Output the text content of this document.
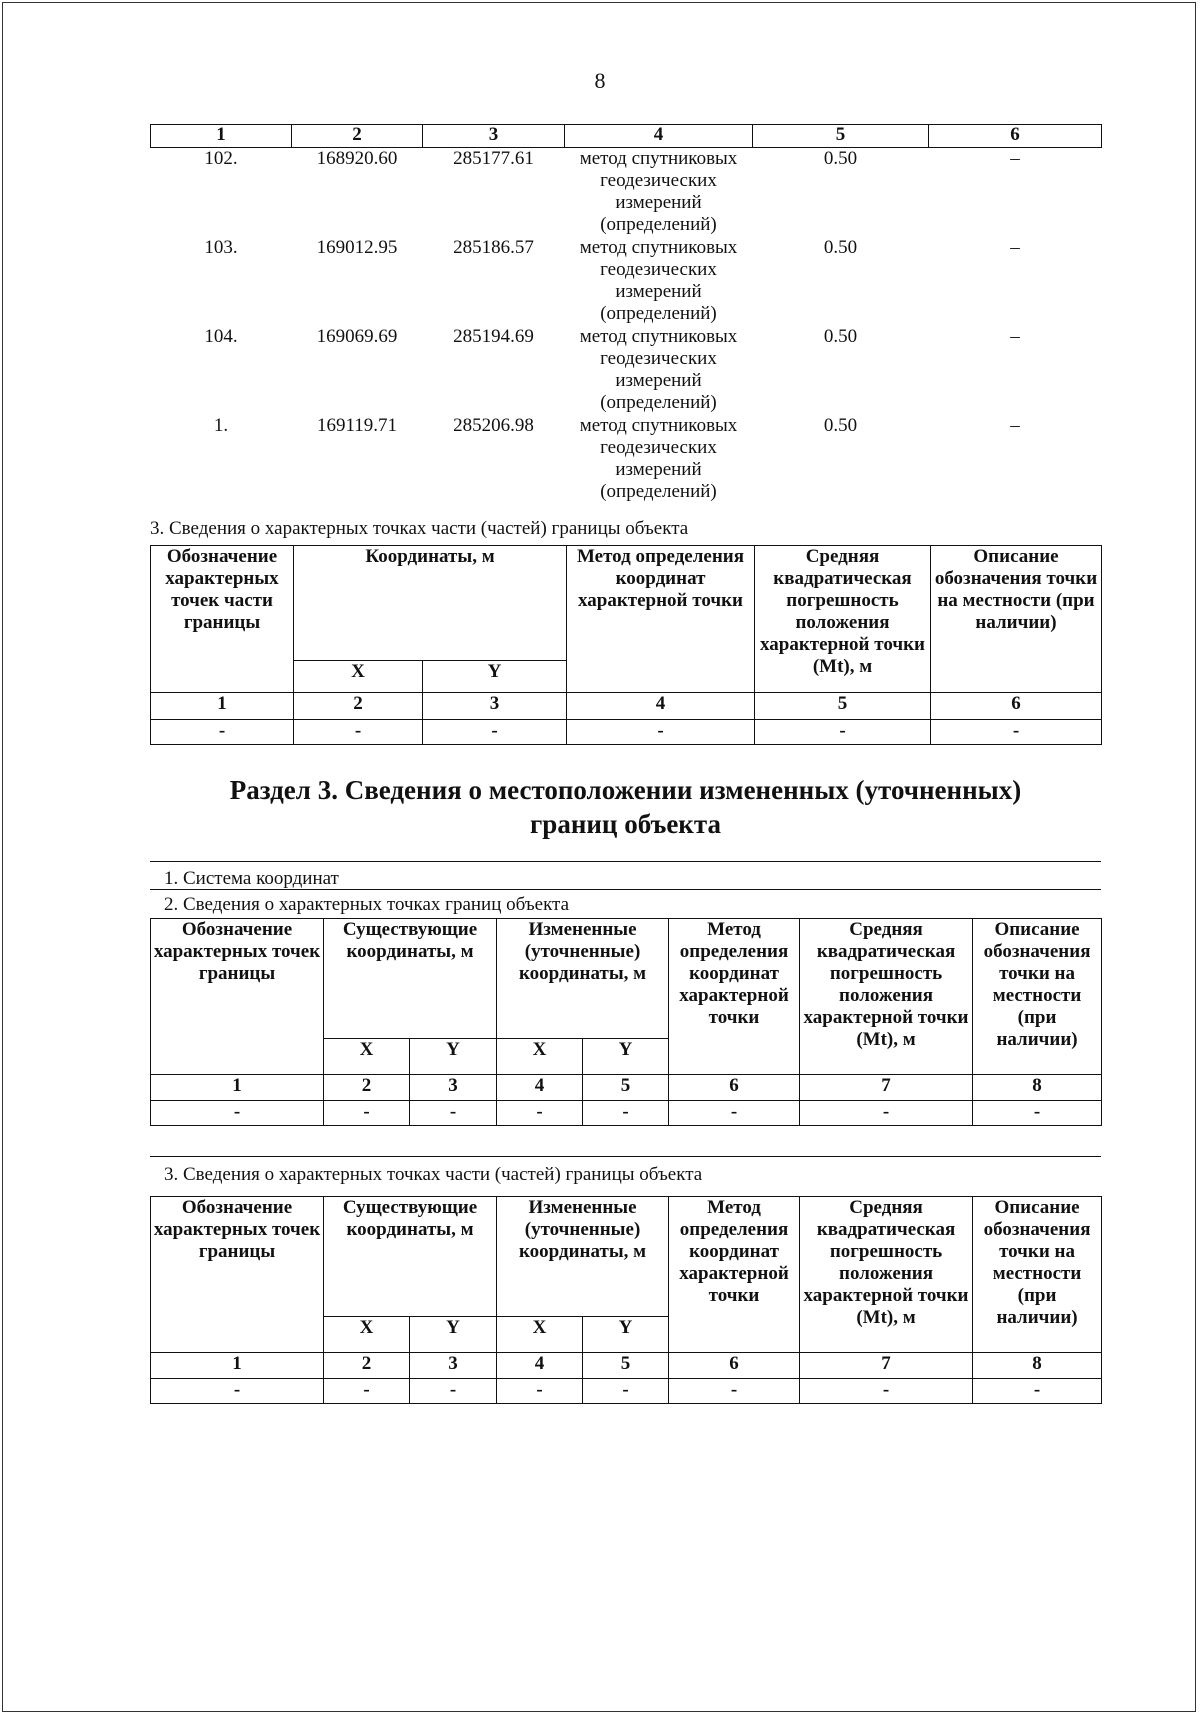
8
1	2	3	4	5	6
102.	168920.60	285177.61	метод спутниковых геодезических измерений (определений)	0.50	–
103.	169012.95	285186.57	метод спутниковых геодезических измерений (определений)	0.50	–
104.	169069.69	285194.69	метод спутниковых геодезических измерений (определений)	0.50	–
1.	169119.71	285206.98	метод спутниковых геодезических измерений (определений)	0.50	–
3. Сведения о характерных точках части (частей) границы объекта
Обозначение характерных точек части границы	Координаты, м		Метод определения координат характерной точки	Средняя квадратическая погрешность положения характерной точки (Mt), м	Описание обозначения точки на местности (при наличии)
	X	Y			
1	2	3	4	5	6
-	-	-	-	-	-
Раздел 3. Сведения о местоположении измененных (уточненных)
границ объекта
1. Система координат
2. Сведения о характерных точках границ объекта
Обозначение характерных точек границы	Существующие координаты, м		Измененные (уточненные) координаты, м		Метод определения координат характерной точки	Средняя квадратическая погрешность положения характерной точки (Mt), м	Описание обозначения точки на местности (при наличии)
	X	Y	X	Y			
1	2	3	4	5	6	7	8
-	-	-	-	-	-	-	-
3. Сведения о характерных точках части (частей) границы объекта
Обозначение характерных точек границы	Существующие координаты, м		Измененные (уточненные) координаты, м		Метод определения координат характерной точки	Средняя квадратическая погрешность положения характерной точки (Mt), м	Описание обозначения точки на местности (при наличии)
	X	Y	X	Y			
1	2	3	4	5	6	7	8
-	-	-	-	-	-	-	-
